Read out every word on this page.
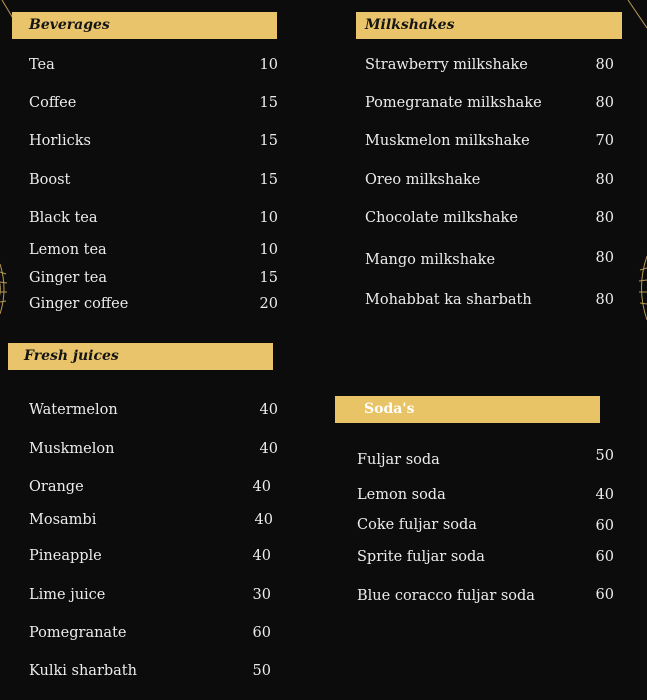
Beverages
Tea	10
Coffee	15
Horlicks	15
Boost	15
Black tea	10
Lemon tea	10
Ginger tea	15
Ginger coffee	20
Milkshakes
Strawberry milkshake	80
Pomegranate milkshake	80
Muskmelon milkshake	70
Oreo milkshake	80
Chocolate milkshake	80
Mango milkshake	80
Mohabbat ka sharbath	80
Fresh juices
Watermelon	40
Muskmelon	40
Orange	40
Mosambi	40
Pineapple	40
Lime juice	30
Pomegranate	60
Kulki sharbath	50
Soda's
Fuljar soda	50
Lemon soda	40
Coke fuljar soda	60
Sprite fuljar soda	60
Blue coracco fuljar soda	60
